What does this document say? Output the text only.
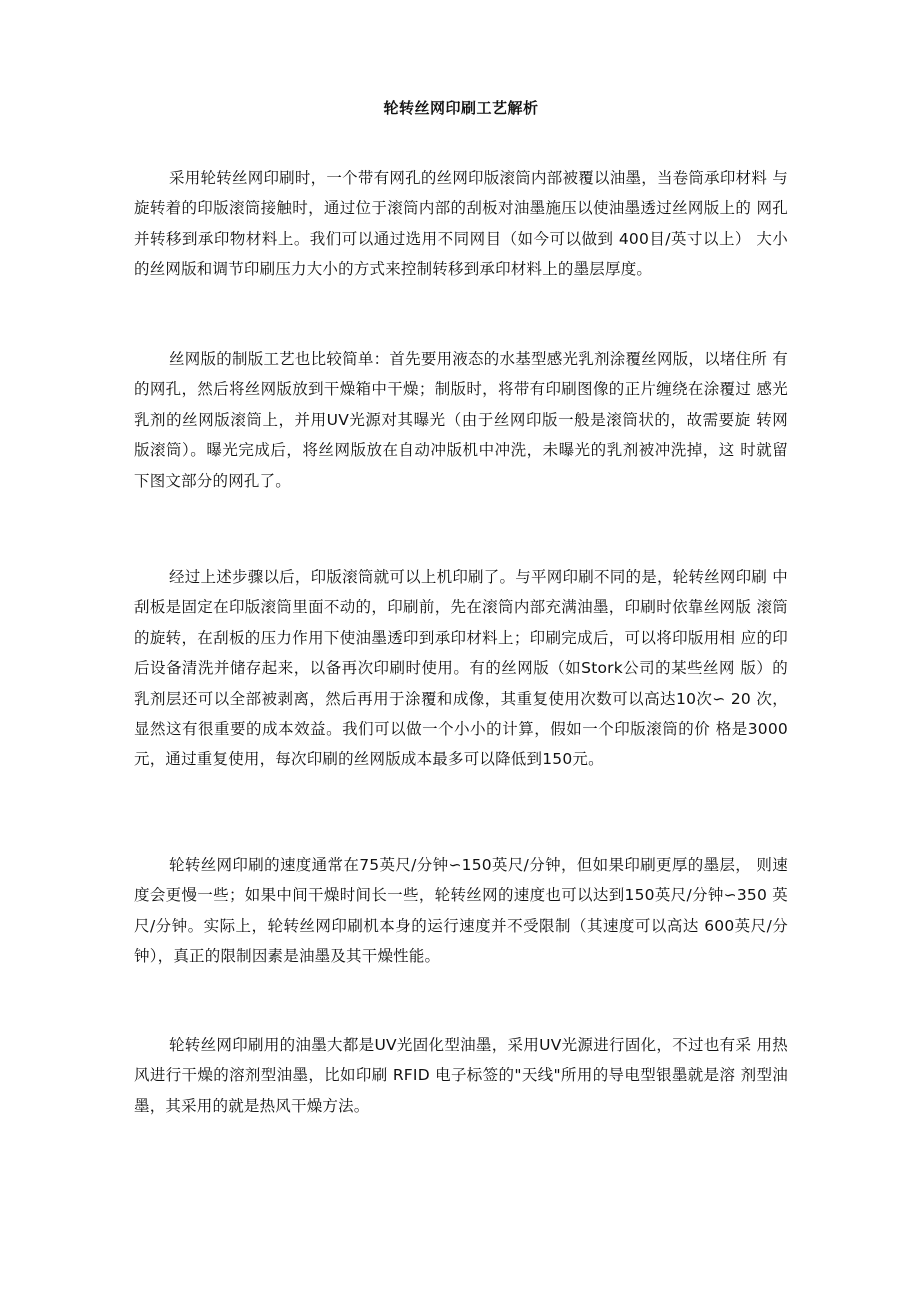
轮转丝网印刷工艺解析

采用轮转丝网印刷时，一个带有网孔的丝网印版滚筒内部被覆以油墨，当卷筒承印材料 与旋转着的印版滚筒接触时，通过位于滚筒内部的刮板对油墨施压以使油墨透过丝网版上的 网孔并转移到承印物材料上。我们可以通过选用不同网目（如今可以做到 400目/英寸以上） 大小的丝网版和调节印刷压力大小的方式来控制转移到承印材料上的墨层厚度。

丝网版的制版工艺也比较简单：首先要用液态的水基型感光乳剂涂覆丝网版，以堵住所 有的网孔，然后将丝网版放到干燥箱中干燥；制版时，将带有印刷图像的正片缠绕在涂覆过 感光乳剂的丝网版滚筒上，并用UV光源对其曝光（由于丝网印版一般是滚筒状的，故需要旋 转网版滚筒）。曝光完成后，将丝网版放在自动冲版机中冲洗，未曝光的乳剂被冲洗掉，这 时就留下图文部分的网孔了。

经过上述步骤以后，印版滚筒就可以上机印刷了。与平网印刷不同的是，轮转丝网印刷 中刮板是固定在印版滚筒里面不动的，印刷前，先在滚筒内部充满油墨，印刷时依靠丝网版 滚筒的旋转，在刮板的压力作用下使油墨透印到承印材料上；印刷完成后，可以将印版用相 应的印后设备清洗并储存起来，以备再次印刷时使用。有的丝网版（如Stork公司的某些丝网 版）的乳剂层还可以全部被剥离，然后再用于涂覆和成像，其重复使用次数可以高达10次∽ 20 次，显然这有很重要的成本效益。我们可以做一个小小的计算，假如一个印版滚筒的价 格是3000元，通过重复使用，每次印刷的丝网版成本最多可以降低到150元。

轮转丝网印刷的速度通常在75英尺/分钟∽150英尺/分钟，但如果印刷更厚的墨层， 则速度会更慢一些；如果中间干燥时间长一些，轮转丝网的速度也可以达到150英尺/分钟∽350 英尺/分钟。实际上，轮转丝网印刷机本身的运行速度并不受限制（其速度可以高达 600英尺/分钟），真正的限制因素是油墨及其干燥性能。

轮转丝网印刷用的油墨大都是UV光固化型油墨，采用UV光源进行固化，不过也有采 用热风进行干燥的溶剂型油墨，比如印刷 RFID 电子标签的"天线"所用的导电型银墨就是溶 剂型油墨，其采用的就是热风干燥方法。
